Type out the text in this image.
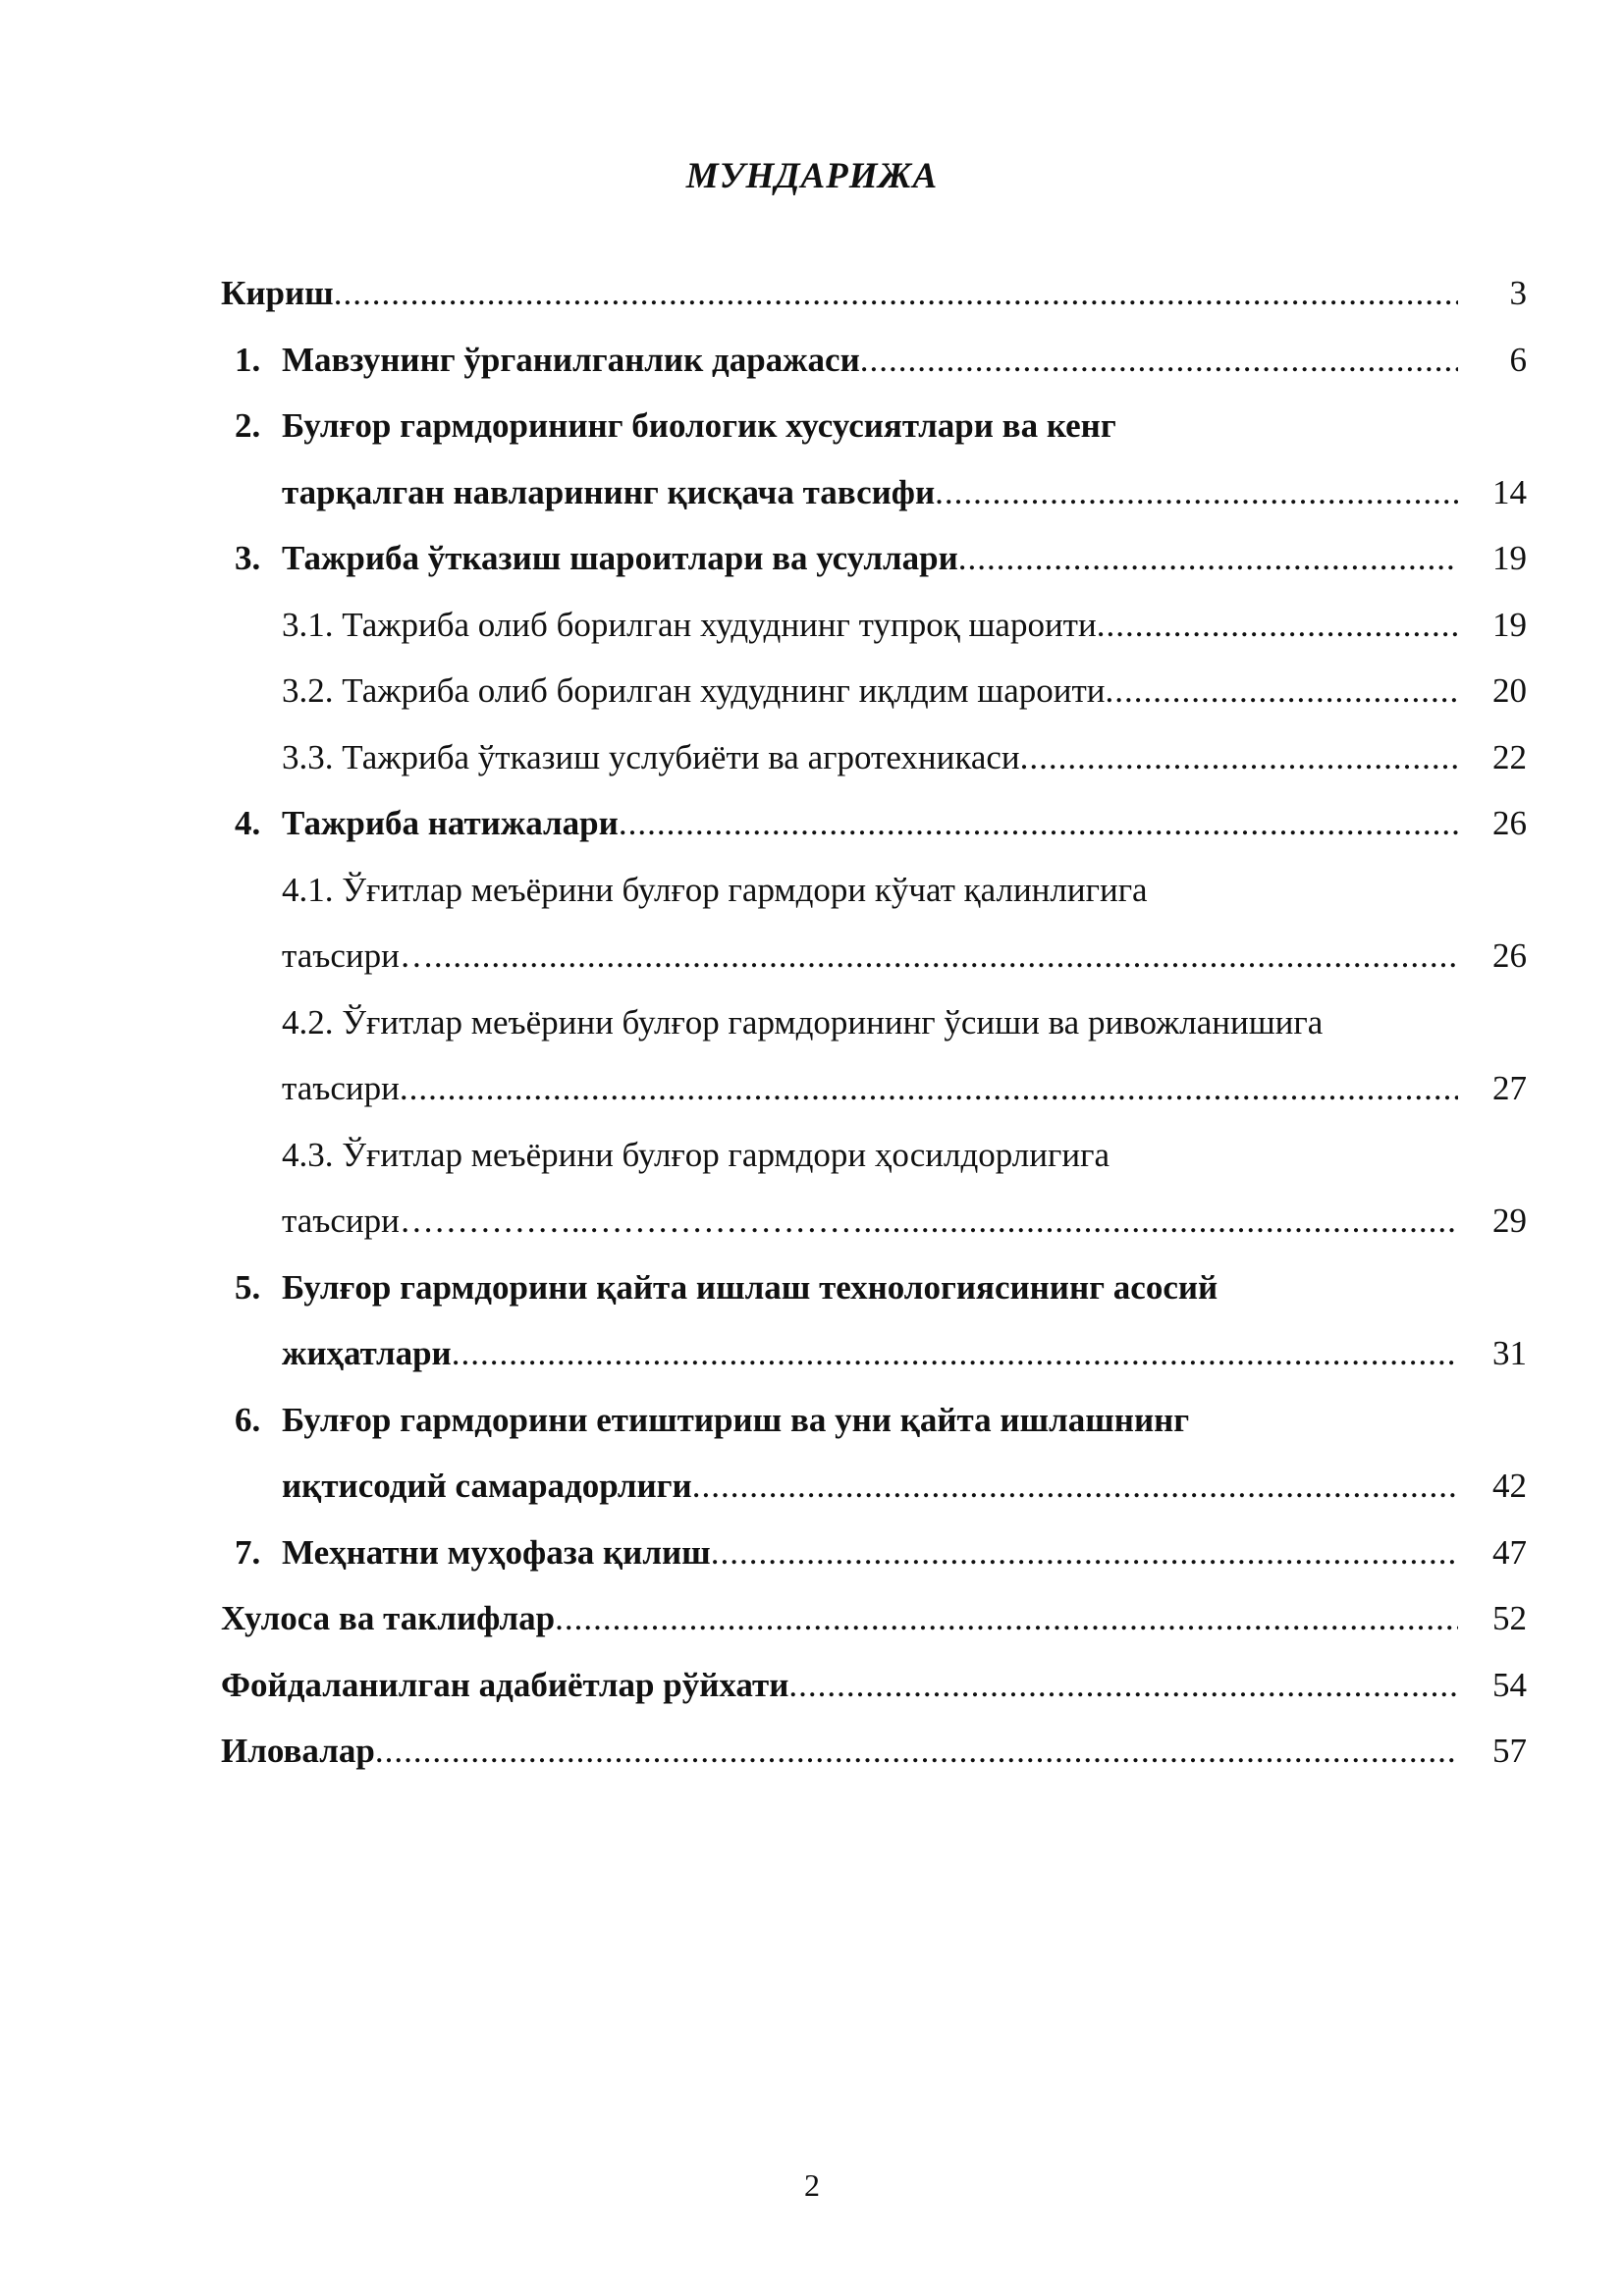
МУНДАРИЖА
Кириш .....	3
1. Мавзунинг ўрганилганлик даражаси .....	6
2. Булғор гармдорининг биологик хусусиятлари ва кенг
тарқалган навларининг қисқача тавсифи .....	14
3. Тажриба ўтказиш шароитлари ва усуллари .....	19
3.1. Тажриба олиб борилган худуднинг тупроқ шароити .....	19
3.2. Тажриба олиб борилган худуднинг иқлдим шароити .....	20
3.3. Тажриба ўтказиш услубиёти ва агротехникаси .....	22
4. Тажриба натижалари .....	26
4.1. Ўғитлар меъёрини булғор гармдори кўчат қалинлигига
таъсири… .....	26
4.2. Ўғитлар меъёрини булғор гармдорининг ўсиши ва ривожланишига
таъсири .....	27
4.3. Ўғитлар меъёрини булғор гармдори ҳосилдорлигига
таъсири……………..…………………… .....	29
5. Булғор гармдорини қайта ишлаш технологиясининг асосий
жиҳатлари .....	31
6. Булғор гармдорини етиштириш ва уни қайта ишлашнинг
иқтисодий самарадорлиги .....	42
7. Меҳнатни муҳофаза қилиш .....	47
Хулоса ва таклифлар .....	52
Фойдаланилган адабиётлар рўйхати .....	54
Иловалар .....	57
2
